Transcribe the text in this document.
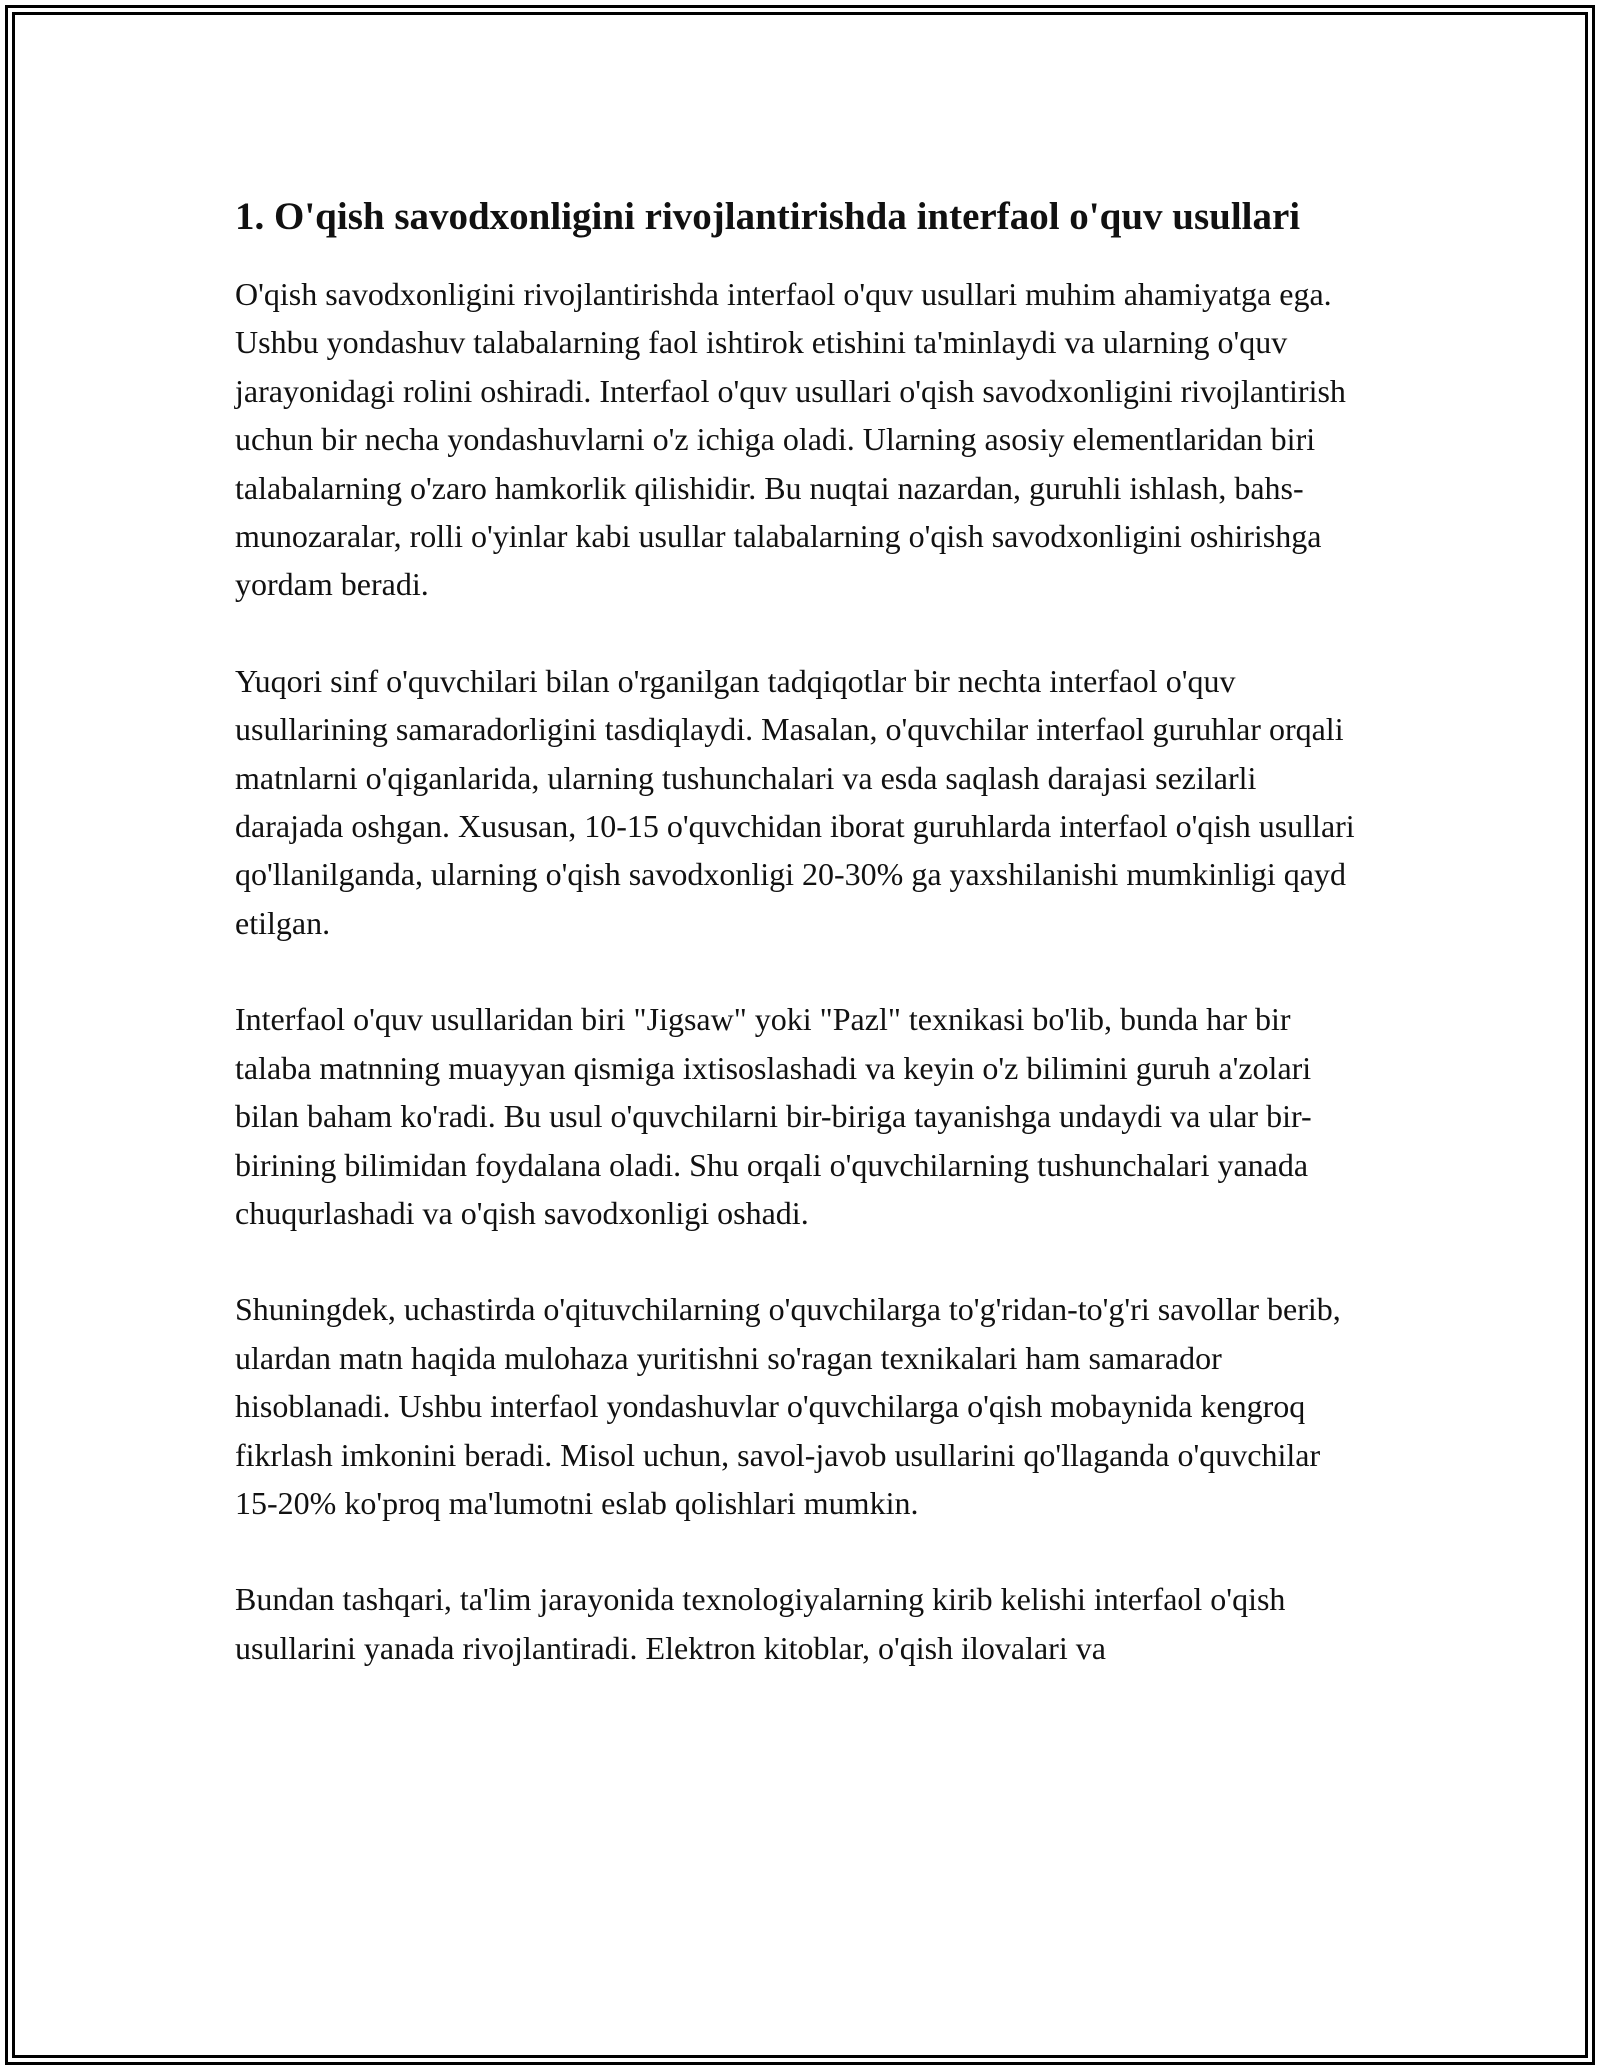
1. O'qish savodxonligini rivojlantirishda interfaol o'quv usullari

O'qish savodxonligini rivojlantirishda interfaol o'quv usullari muhim ahamiyatga ega. Ushbu yondashuv talabalarning faol ishtirok etishini ta'minlaydi va ularning o'quv jarayonidagi rolini oshiradi. Interfaol o'quv usullari o'qish savodxonligini rivojlantirish uchun bir necha yondashuvlarni o'z ichiga oladi. Ularning asosiy elementlaridan biri talabalarning o'zaro hamkorlik qilishidir. Bu nuqtai nazardan, guruhli ishlash, bahs-munozaralar, rolli o'yinlar kabi usullar talabalarning o'qish savodxonligini oshirishga yordam beradi.

Yuqori sinf o'quvchilari bilan o'rganilgan tadqiqotlar bir nechta interfaol o'quv usullarining samaradorligini tasdiqlaydi. Masalan, o'quvchilar interfaol guruhlar orqali matnlarni o'qiganlarida, ularning tushunchalari va esda saqlash darajasi sezilarli darajada oshgan. Xususan, 10-15 o'quvchidan iborat guruhlarda interfaol o'qish usullari qo'llanilganda, ularning o'qish savodxonligi 20-30% ga yaxshilanishi mumkinligi qayd etilgan.

Interfaol o'quv usullaridan biri "Jigsaw" yoki "Pazl" texnikasi bo'lib, bunda har bir talaba matnning muayyan qismiga ixtisoslashadi va keyin o'z bilimini guruh a'zolari bilan baham ko'radi. Bu usul o'quvchilarni bir-biriga tayanishga undaydi va ular bir-birining bilimidan foydalana oladi. Shu orqali o'quvchilarning tushunchalari yanada chuqurlashadi va o'qish savodxonligi oshadi.

Shuningdek, uchastirda o'qituvchilarning o'quvchilarga to'g'ridan-to'g'ri savollar berib, ulardan matn haqida mulohaza yuritishni so'ragan texnikalari ham samarador hisoblanadi. Ushbu interfaol yondashuvlar o'quvchilarga o'qish mobaynida kengroq fikrlash imkonini beradi. Misol uchun, savol-javob usullarini qo'llaganda o'quvchilar 15-20% ko'proq ma'lumotni eslab qolishlari mumkin.

Bundan tashqari, ta'lim jarayonida texnologiyalarning kirib kelishi interfaol o'qish usullarini yanada rivojlantiradi. Elektron kitoblar, o'qish ilovalari va
